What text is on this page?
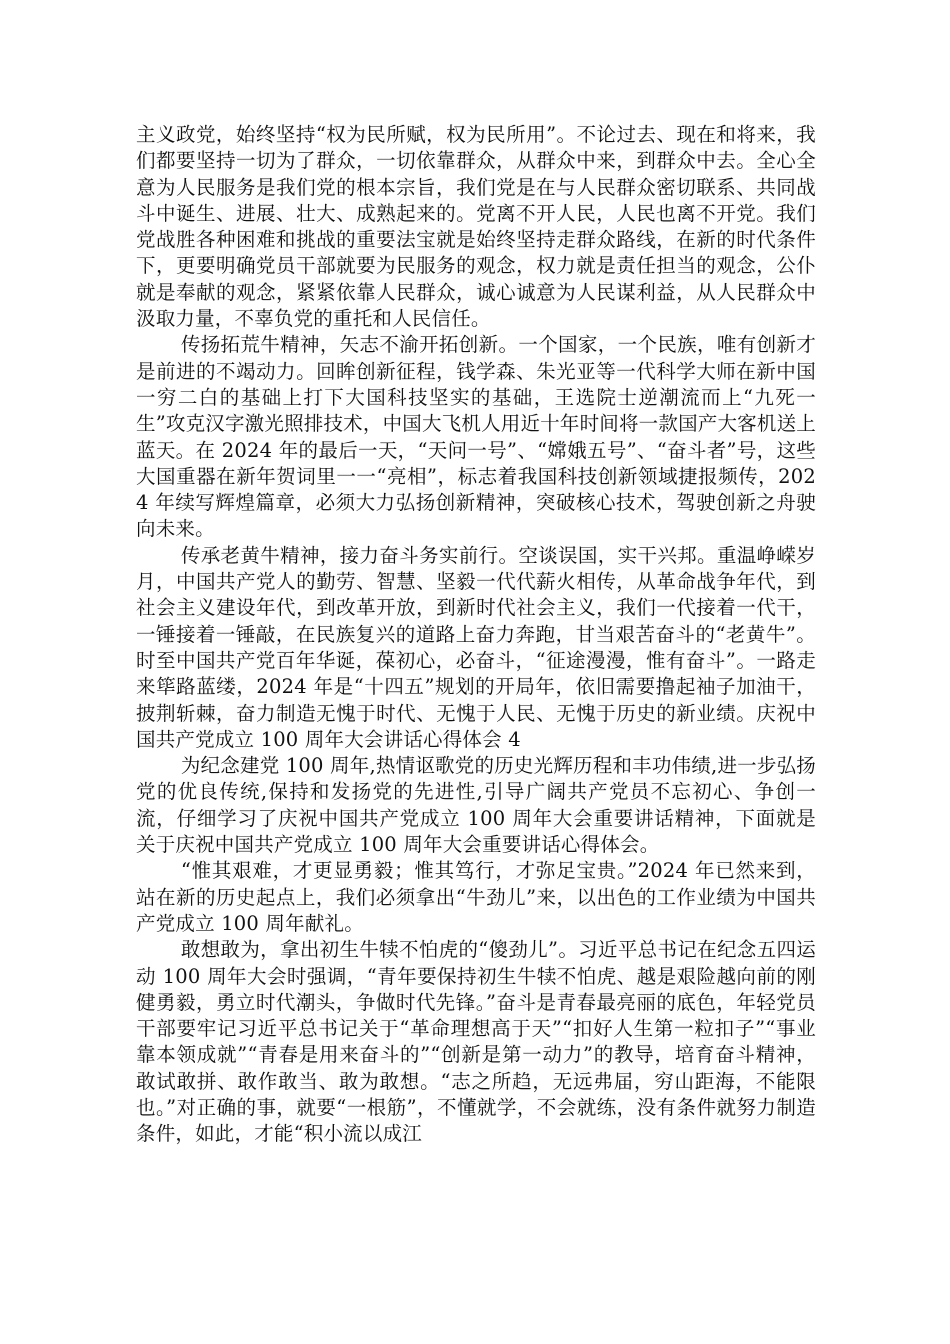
主义政党，始终坚持“权为民所赋，权为民所用”。不论过去、现在和将来，我们都要坚持一切为了群众，一切依靠群众，从群众中来，到群众中去。全心全意为人民服务是我们党的根本宗旨，我们党是在与人民群众密切联系、共同战斗中诞生、进展、壮大、成熟起来的。党离不开人民，人民也离不开党。我们党战胜各种困难和挑战的重要法宝就是始终坚持走群众路线，在新的时代条件下，更要明确党员干部就要为民服务的观念，权力就是责任担当的观念，公仆就是奉献的观念，紧紧依靠人民群众，诚心诚意为人民谋利益，从人民群众中汲取力量，不辜负党的重托和人民信任。

传扬拓荒牛精神，矢志不渝开拓创新。一个国家，一个民族，唯有创新才是前进的不竭动力。回眸创新征程，钱学森、朱光亚等一代科学大师在新中国一穷二白的基础上打下大国科技坚实的基础，王选院士逆潮流而上“九死一生”攻克汉字激光照排技术，中国大飞机人用近十年时间将一款国产大客机送上蓝天。在 2024 年的最后一天，“天问一号”、“嫦娥五号”、“奋斗者”号，这些大国重器在新年贺词里一一“亮相”，标志着我国科技创新领域捷报频传，2024 年续写辉煌篇章，必须大力弘扬创新精神，突破核心技术，驾驶创新之舟驶向未来。

传承老黄牛精神，接力奋斗务实前行。空谈误国，实干兴邦。重温峥嵘岁月，中国共产党人的勤劳、智慧、坚毅一代代薪火相传，从革命战争年代，到社会主义建设年代，到改革开放，到新时代社会主义，我们一代接着一代干，一锤接着一锤敲，在民族复兴的道路上奋力奔跑，甘当艰苦奋斗的“老黄牛”。时至中国共产党百年华诞，葆初心，必奋斗，“征途漫漫，惟有奋斗”。一路走来筚路蓝缕，2024 年是“十四五”规划的开局年，依旧需要撸起袖子加油干，披荆斩棘，奋力制造无愧于时代、无愧于人民、无愧于历史的新业绩。庆祝中国共产党成立 100 周年大会讲话心得体会 4

为纪念建党 100 周年,热情讴歌党的历史光辉历程和丰功伟绩,进一步弘扬党的优良传统,保持和发扬党的先进性,引导广阔共产党员不忘初心、争创一流，仔细学习了庆祝中国共产党成立 100 周年大会重要讲话精神，下面就是关于庆祝中国共产党成立 100 周年大会重要讲话心得体会。

“惟其艰难，才更显勇毅；惟其笃行，才弥足宝贵。”2024 年已然来到，站在新的历史起点上，我们必须拿出“牛劲儿”来，以出色的工作业绩为中国共产党成立 100 周年献礼。

敢想敢为，拿出初生牛犊不怕虎的“傻劲儿”。习近平总书记在纪念五四运动 100 周年大会时强调，“青年要保持初生牛犊不怕虎、越是艰险越向前的刚健勇毅，勇立时代潮头，争做时代先锋。”奋斗是青春最亮丽的底色，年轻党员干部要牢记习近平总书记关于“革命理想高于天”“扣好人生第一粒扣子”“事业靠本领成就”“青春是用来奋斗的”“创新是第一动力”的教导，培育奋斗精神，敢试敢拼、敢作敢当、敢为敢想。“志之所趋，无远弗届，穷山距海，不能限也。”对正确的事，就要“一根筋”，不懂就学，不会就练，没有条件就努力制造条件，如此，才能“积小流以成江
